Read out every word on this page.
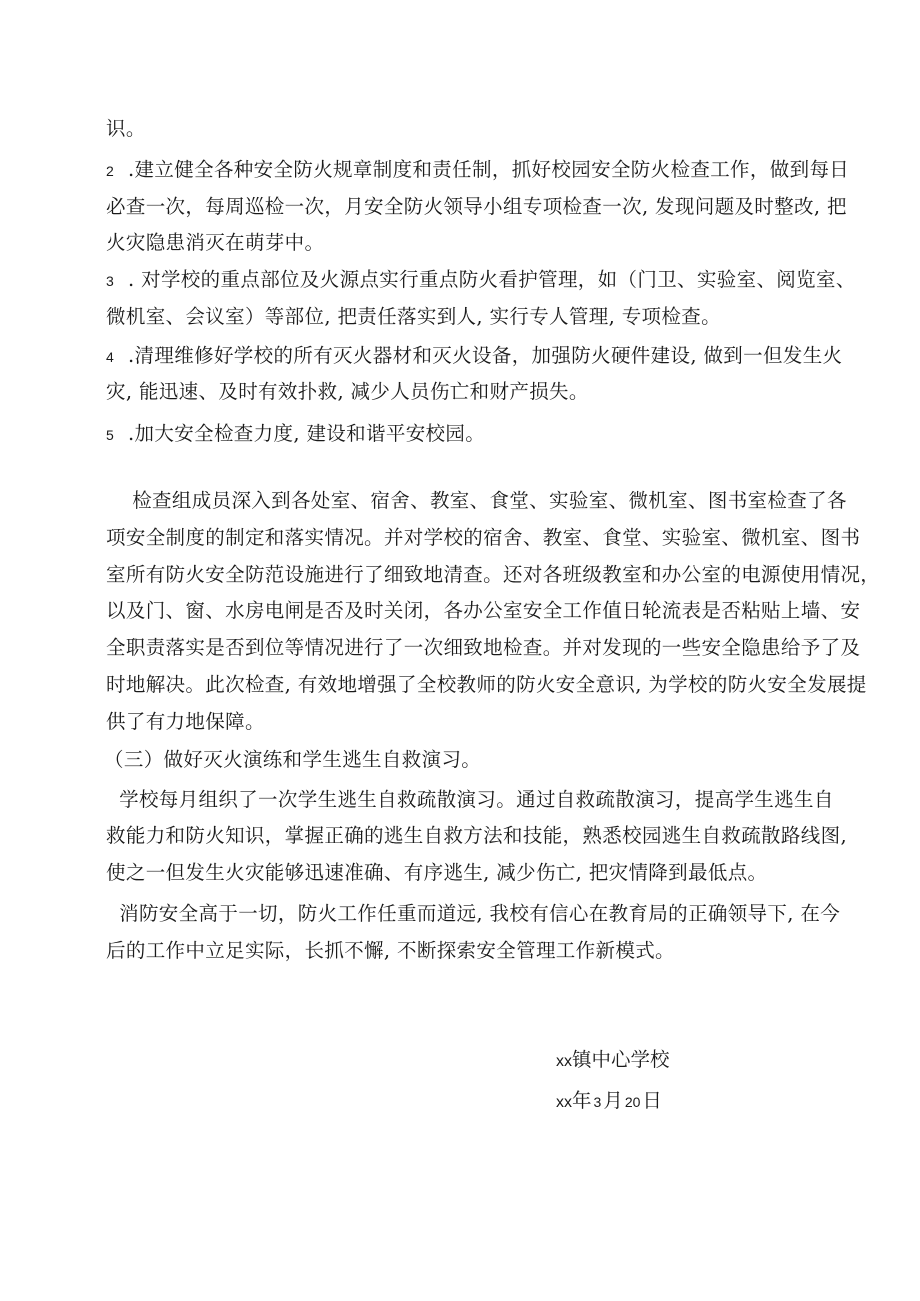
识。
2 .建立健全各种安全防火规章制度和责任制，抓好校园安全防火检查工作，做到每日
必查一次，每周巡检一次，月安全防火领导小组专项检查一次, 发现问题及时整改, 把
火灾隐患消灭在萌芽中。
3 . 对学校的重点部位及火源点实行重点防火看护管理，如（门卫、实验室、阅览室、
微机室、会议室）等部位, 把责任落实到人, 实行专人管理, 专项检查。
4 .清理维修好学校的所有灭火器材和灭火设备，加强防火硬件建设, 做到一但发生火
灾, 能迅速、及时有效扑救, 减少人员伤亡和财产损失。
5 .加大安全检查力度, 建设和谐平安校园。
检查组成员深入到各处室、宿舍、教室、食堂、实验室、微机室、图书室检查了各
项安全制度的制定和落实情况。并对学校的宿舍、教室、食堂、实验室、微机室、图书
室所有防火安全防范设施进行了细致地清查。还对各班级教室和办公室的电源使用情况，
以及门、窗、水房电闸是否及时关闭，各办公室安全工作值日轮流表是否粘贴上墙、安
全职责落实是否到位等情况进行了一次细致地检查。并对发现的一些安全隐患给予了及
时地解决。此次检查, 有效地增强了全校教师的防火安全意识, 为学校的防火安全发展提
供了有力地保障。
（三）做好灭火演练和学生逃生自救演习。
学校每月组织了一次学生逃生自救疏散演习。通过自救疏散演习，提高学生逃生自
救能力和防火知识，掌握正确的逃生自救方法和技能，熟悉校园逃生自救疏散路线图,
使之一但发生火灾能够迅速准确、有序逃生, 减少伤亡, 把灾情降到最低点。
消防安全高于一切，防火工作任重而道远, 我校有信心在教育局的正确领导下, 在今
后的工作中立足实际，长抓不懈, 不断探索安全管理工作新模式。
xx镇中心学校
xx年 3 月 20 日
